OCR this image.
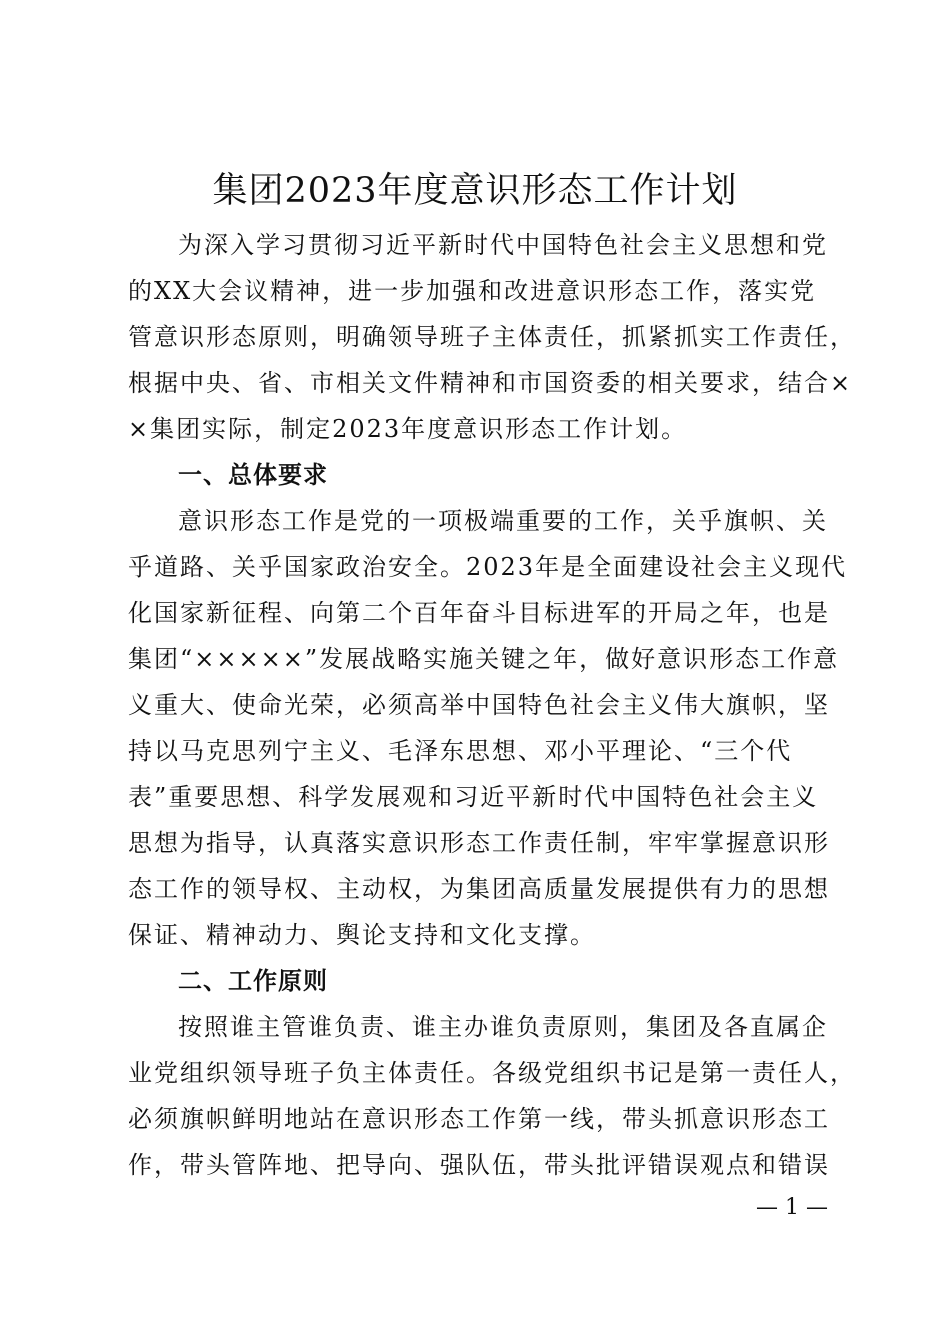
集团2023年度意识形态工作计划
为深入学习贯彻习近平新时代中国特色社会主义思想和党
的XX大会议精神，进一步加强和改进意识形态工作，落实党
管意识形态原则，明确领导班子主体责任，抓紧抓实工作责任，
根据中央、省、市相关文件精神和市国资委的相关要求，结合×
×集团实际，制定2023年度意识形态工作计划。
一、总体要求
意识形态工作是党的一项极端重要的工作，关乎旗帜、关
乎道路、关乎国家政治安全。2023年是全面建设社会主义现代
化国家新征程、向第二个百年奋斗目标进军的开局之年，也是
集团“×××××”发展战略实施关键之年，做好意识形态工作意
义重大、使命光荣，必须高举中国特色社会主义伟大旗帜，坚
持以马克思列宁主义、毛泽东思想、邓小平理论、“三个代
表”重要思想、科学发展观和习近平新时代中国特色社会主义
思想为指导，认真落实意识形态工作责任制，牢牢掌握意识形
态工作的领导权、主动权，为集团高质量发展提供有力的思想
保证、精神动力、舆论支持和文化支撑。
二、工作原则
按照谁主管谁负责、谁主办谁负责原则，集团及各直属企
业党组织领导班子负主体责任。各级党组织书记是第一责任人，
必须旗帜鲜明地站在意识形态工作第一线，带头抓意识形态工
作，带头管阵地、把导向、强队伍，带头批评错误观点和错误
— 1 —
